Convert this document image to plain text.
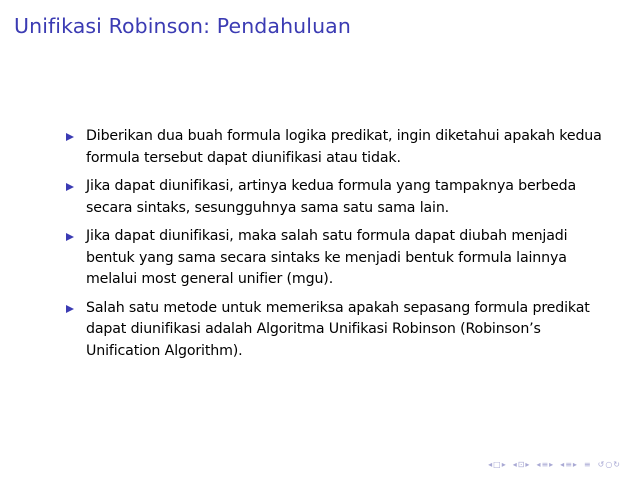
Unifikasi Robinson: Pendahuluan
Diberikan dua buah formula logika predikat, ingin diketahui apakah kedua formula tersebut dapat diunifikasi atau tidak.
Jika dapat diunifikasi, artinya kedua formula yang tampaknya berbeda secara sintaks, sesungguhnya sama satu sama lain.
Jika dapat diunifikasi, maka salah satu formula dapat diubah menjadi bentuk yang sama secara sintaks ke menjadi bentuk formula lainnya melalui most general unifier (mgu).
Salah satu metode untuk memeriksa apakah sepasang formula predikat dapat diunifikasi adalah Algoritma Unifikasi Robinson (Robinson’s Unification Algorithm).
◂ □ ▸ ◂ ⊡ ▸ ◂ ≡ ▸ ◂ ≡ ▸ ≡ ↺ ○ ↻
